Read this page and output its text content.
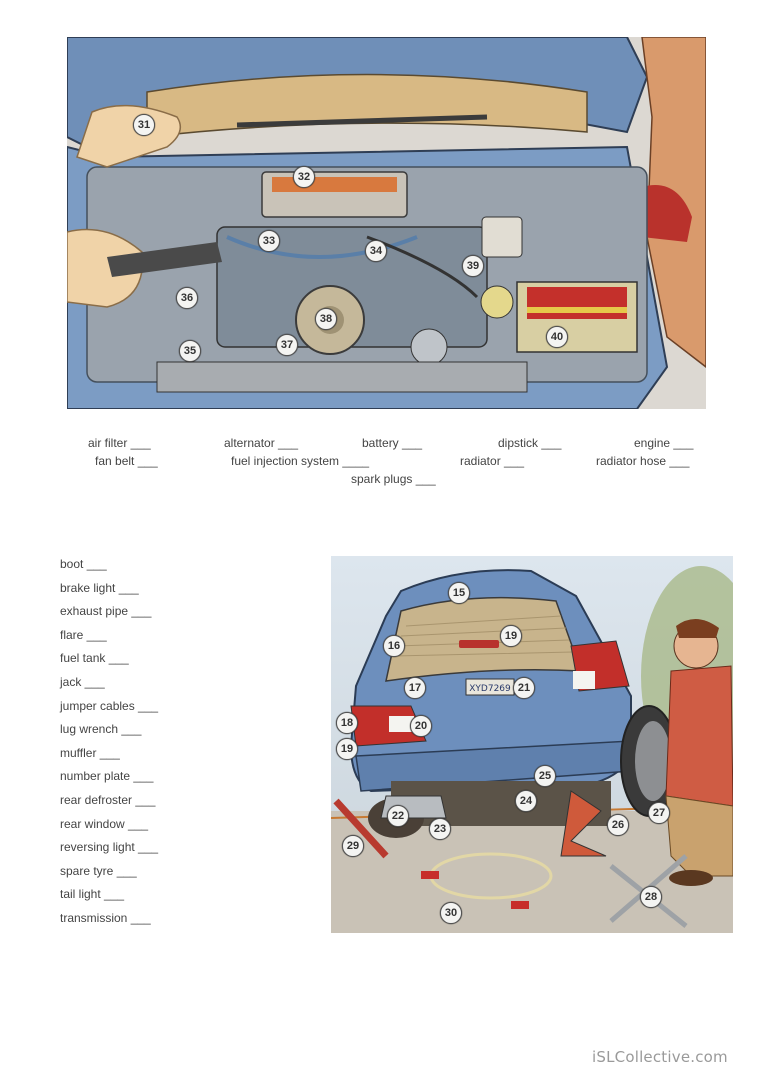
31
32
33
34
36
38
37
35
39
40
air filter ___	alternator ___	battery ___	dipstick ___	engine ___
fan belt ___	fuel injection system ____	radiator ___	radiator hose ___
spark plugs ___
boot ___
brake light ___
exhaust pipe ___
flare ___
fuel tank ___
jack ___
jumper cables ___
lug wrench ___
muffler ___
number plate ___
rear defroster ___
rear window ___
reversing light ___
spare tyre ___
tail light ___
transmission ___
XYD7269
15
16
19
17	21
18	20
19
25
24
22
23
27
26
29
28
30
iSLCollective.com
